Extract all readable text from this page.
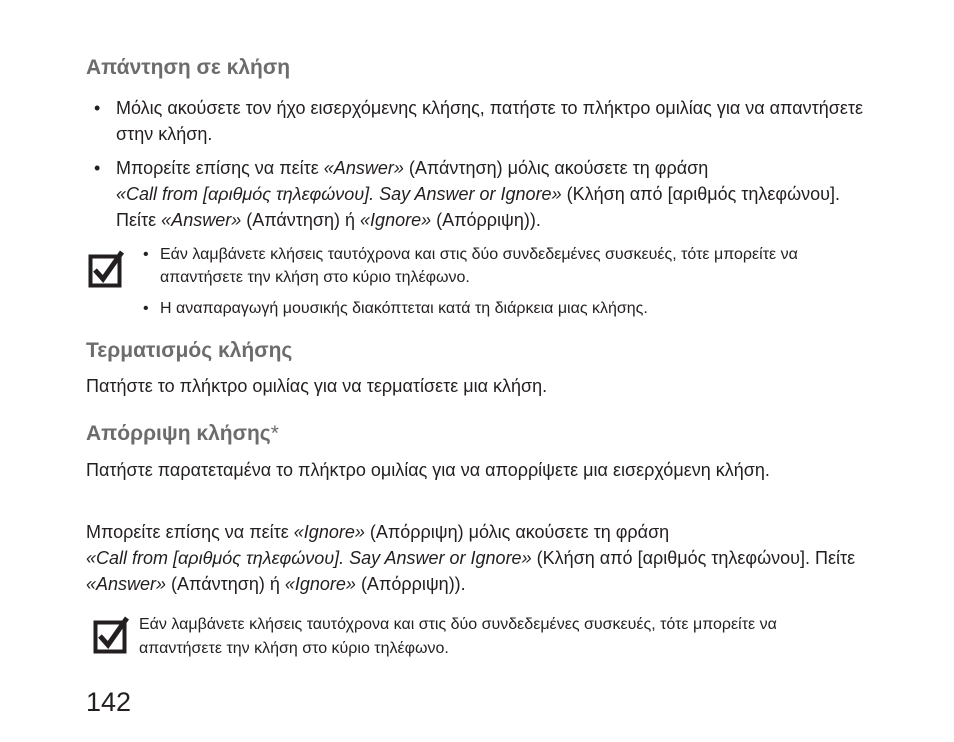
Απάντηση σε κλήση
• Μόλις ακούσετε τον ήχο εισερχόμενης κλήσης, πατήστε το πλήκτρο ομιλίας για να απαντήσετε στην κλήση.
• Μπορείτε επίσης να πείτε «Answer» (Απάντηση) μόλις ακούσετε τη φράση
«Call from [αριθμός τηλεφώνου]. Say Answer or Ignore» (Κλήση από [αριθμός τηλεφώνου]. Πείτε «Answer» (Απάντηση) ή «Ignore» (Απόρριψη)).
• Εάν λαμβάνετε κλήσεις ταυτόχρονα και στις δύο συνδεδεμένες συσκευές, τότε μπορείτε να απαντήσετε την κλήση στο κύριο τηλέφωνο.
• Η αναπαραγωγή μουσικής διακόπτεται κατά τη διάρκεια μιας κλήσης.
Τερματισμός κλήσης

Πατήστε το πλήκτρο ομιλίας για να τερματίσετε μια κλήση.

Απόρριψη κλήσης*

Πατήστε παρατεταμένα το πλήκτρο ομιλίας για να απορρίψετε μια εισερχόμενη κλήση.

Μπορείτε επίσης να πείτε «Ignore» (Απόρριψη) μόλις ακούσετε τη φράση
«Call from [αριθμός τηλεφώνου]. Say Answer or Ignore» (Κλήση από [αριθμός τηλεφώνου]. Πείτε «Answer» (Απάντηση) ή «Ignore» (Απόρριψη)).

Εάν λαμβάνετε κλήσεις ταυτόχρονα και στις δύο συνδεδεμένες συσκευές, τότε μπορείτε να απαντήσετε την κλήση στο κύριο τηλέφωνο.

142
